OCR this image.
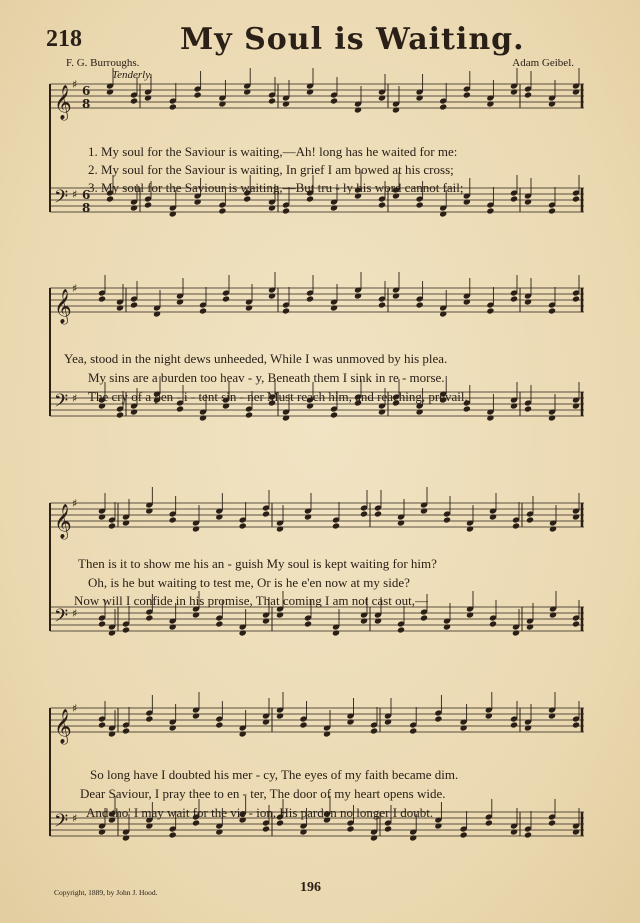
218	My Soul is Waiting.
F. G. Burroughs.	Adam Geibel.
Tenderly.
𝄞
♯ 6
8
𝄢 ♯ 6
8
1. My soul for the Saviour is waiting,—Ah! long has he waited for me:
2. My soul for the Saviour is waiting, In grief I am bowed at his cross;
3. My soul for the Saviour is waiting,—But tru - ly his word cannot fail;
𝄞
♯
𝄢 ♯
Yea, stood in the night dews unheeded, While I was unmoved by his plea.
My sins are a burden too heav - y, Beneath them I sink in re - morse.
The cry of a pen - i - tent sin - ner Must reach him, and reaching, prevail.
𝄞
♯
𝄢 ♯
Then is it to show me his an - guish My soul is kept waiting for him?
Oh, is he but waiting to test me, Or is he e'en now at my side?
Now will I confide in his promise, That coming I am not cast out,—
𝄞
♯
𝄢 ♯
So long have I doubted his mer - cy, The eyes of my faith became dim.
Dear Saviour, I pray thee to en - ter, The door of my heart opens wide.
And tho' I may wait for the vis - ion, His pardon no longer I doubt.
Copyright, 1889, by John J. Hood.	196
